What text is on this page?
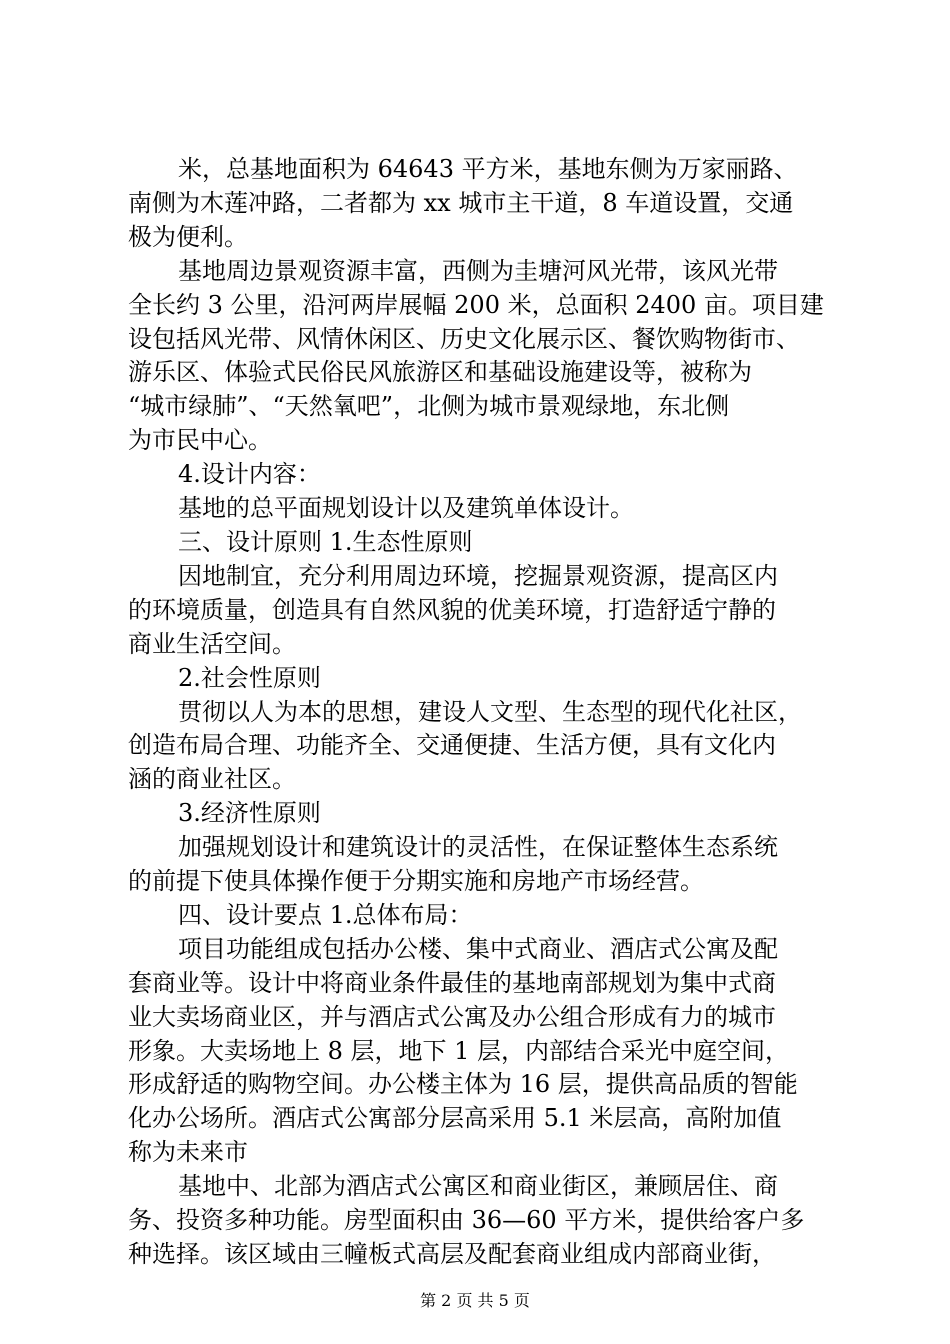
米，总基地面积为 64643 平方米，基地东侧为万家丽路、
南侧为木莲冲路，二者都为 xx 城市主干道，8 车道设置，交通
极为便利。
基地周边景观资源丰富，西侧为圭塘河风光带，该风光带
全长约 3 公里，沿河两岸展幅 200 米，总面积 2400 亩。项目建
设包括风光带、风情休闲区、历史文化展示区、餐饮购物街市、
游乐区、体验式民俗民风旅游区和基础设施建设等，被称为
“城市绿肺”、“天然氧吧”，北侧为城市景观绿地，东北侧
为市民中心。
4.设计内容：
基地的总平面规划设计以及建筑单体设计。
三、设计原则 1.生态性原则
因地制宜，充分利用周边环境，挖掘景观资源，提高区内
的环境质量，创造具有自然风貌的优美环境，打造舒适宁静的
商业生活空间。
2.社会性原则
贯彻以人为本的思想，建设人文型、生态型的现代化社区，
创造布局合理、功能齐全、交通便捷、生活方便，具有文化内
涵的商业社区。
3.经济性原则
加强规划设计和建筑设计的灵活性，在保证整体生态系统
的前提下使具体操作便于分期实施和房地产市场经营。
四、设计要点 1.总体布局：
项目功能组成包括办公楼、集中式商业、酒店式公寓及配
套商业等。设计中将商业条件最佳的基地南部规划为集中式商
业大卖场商业区，并与酒店式公寓及办公组合形成有力的城市
形象。大卖场地上 8 层，地下 1 层，内部结合采光中庭空间，
形成舒适的购物空间。办公楼主体为 16 层，提供高品质的智能
化办公场所。酒店式公寓部分层高采用 5.1 米层高，高附加值
称为未来市
基地中、北部为酒店式公寓区和商业街区，兼顾居住、商
务、投资多种功能。房型面积由 36—60 平方米，提供给客户多
种选择。该区域由三幢板式高层及配套商业组成内部商业街，
第 2 页 共 5 页
